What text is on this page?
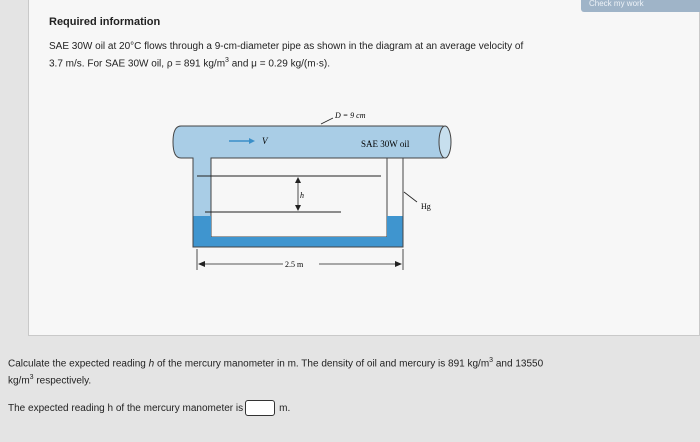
Check my work
Required information
SAE 30W oil at 20°C flows through a 9-cm-diameter pipe as shown in the diagram at an average velocity of
3.7 m/s. For SAE 30W oil, ρ = 891 $kg/m^3$ and μ = 0.29 kg/(m·s).
h
V
D = 9 cm
SAE 30W oil
Hg
2.5 m
Calculate the expected reading h of the mercury manometer in m. The density of oil and mercury is 891 $kg/m^3$ and 13550
$kg/m^3$ respectively.
The expected reading h of the mercury manometer is	m.
